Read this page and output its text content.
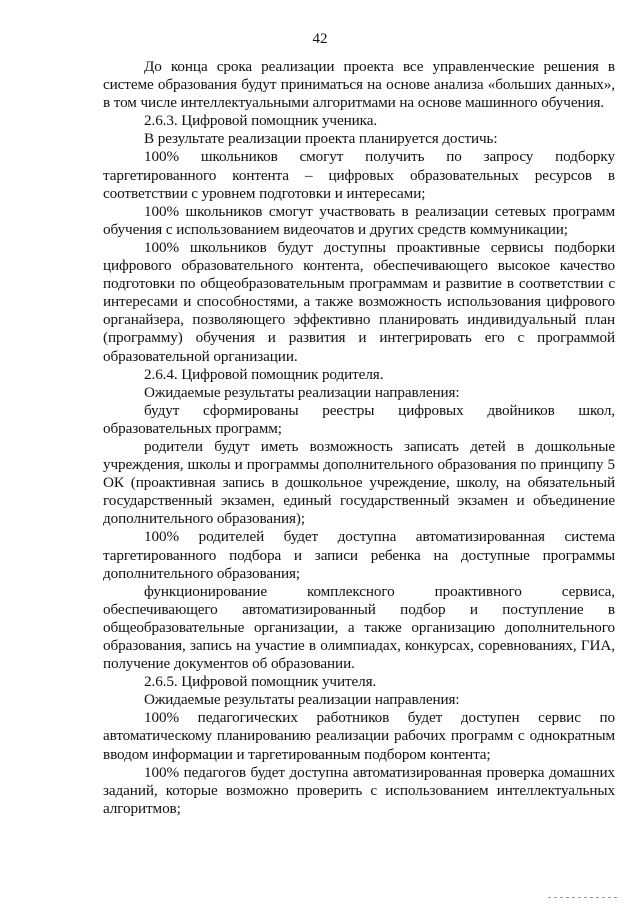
42

До конца срока реализации проекта все управленческие решения в системе образования будут приниматься на основе анализа «больших данных», в том числе интеллектуальными алгоритмами на основе машинного обучения.

2.6.3. Цифровой помощник ученика.

В результате реализации проекта планируется достичь:

100% школьников смогут получить по запросу подборку таргетированного контента – цифровых образовательных ресурсов в соответствии с уровнем подготовки и интересами;

100% школьников смогут участвовать в реализации сетевых программ обучения с использованием видеочатов и других средств коммуникации;

100% школьников будут доступны проактивные сервисы подборки цифрового образовательного контента, обеспечивающего высокое качество подготовки по общеобразовательным программам и развитие в соответствии с интересами и способностями, а также возможность использования цифрового органайзера, позволяющего эффективно планировать индивидуальный план (программу) обучения и развития и интегрировать его с программой образовательной организации.

2.6.4. Цифровой помощник родителя.

Ожидаемые результаты реализации направления:

будут сформированы реестры цифровых двойников школ, образовательных программ;

родители будут иметь возможность записать детей в дошкольные учреждения, школы и программы дополнительного образования по принципу 5 ОК (проактивная запись в дошкольное учреждение, школу, на обязательный государственный экзамен, единый государственный экзамен и объединение дополнительного образования);

100% родителей будет доступна автоматизированная система таргетированного подбора и записи ребенка на доступные программы дополнительного образования;

функционирование комплексного проактивного сервиса, обеспечивающего автоматизированный подбор и поступление в общеобразовательные организации, а также организацию дополнительного образования, запись на участие в олимпиадах, конкурсах, соревнованиях, ГИА, получение документов об образовании.

2.6.5. Цифровой помощник учителя.

Ожидаемые результаты реализации направления:

100% педагогических работников будет доступен сервис по автоматическому планированию реализации рабочих программ с однократным вводом информации и таргетированным подбором контента;

100% педагогов будет доступна автоматизированная проверка домашних заданий, которые возможно проверить с использованием интеллектуальных алгоритмов;
